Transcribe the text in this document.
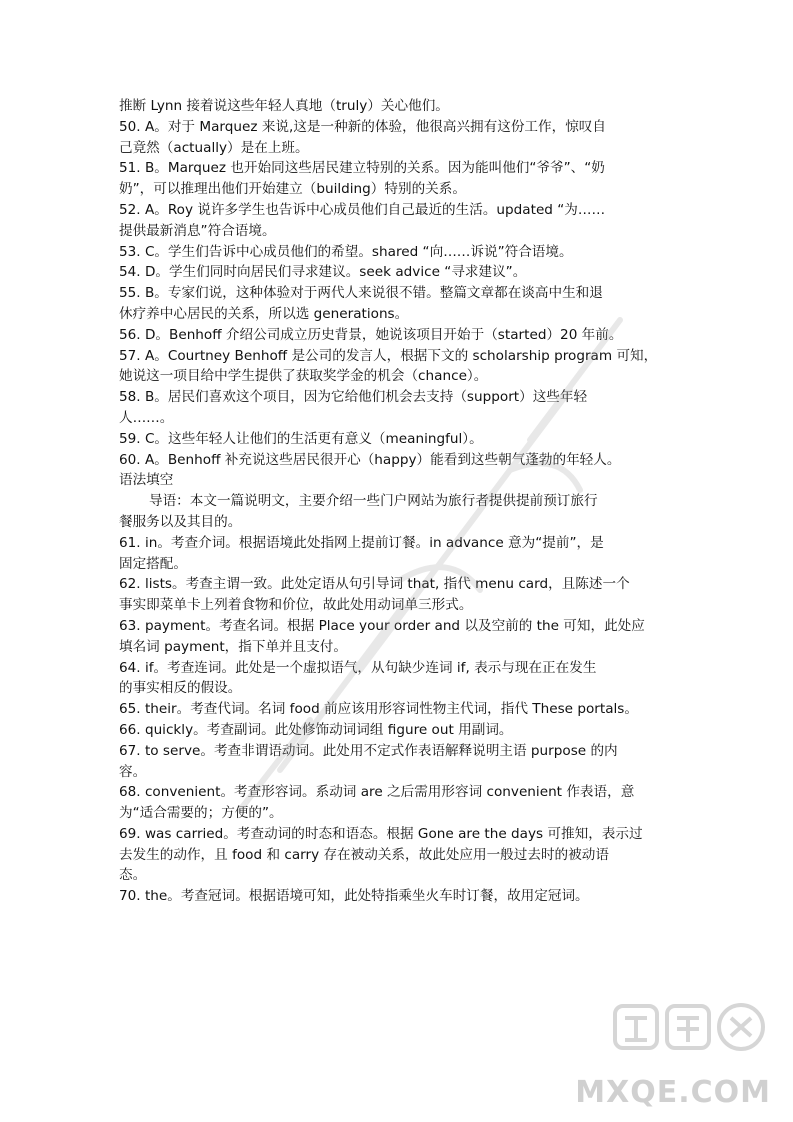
推断 Lynn 接着说这些年轻人真地（truly）关心他们。
50. A。对于 Marquez 来说,这是一种新的体验，他很高兴拥有这份工作，惊叹自
己竟然（actually）是在上班。
51. B。Marquez 也开始同这些居民建立特别的关系。因为能叫他们“爷爷”、“奶
奶”，可以推理出他们开始建立（building）特别的关系。
52. A。Roy 说许多学生也告诉中心成员他们自己最近的生活。updated “为……
提供最新消息”符合语境。
53. C。学生们告诉中心成员他们的希望。shared “向……诉说”符合语境。
54. D。学生们同时向居民们寻求建议。seek advice “寻求建议”。
55. B。专家们说，这种体验对于两代人来说很不错。整篇文章都在谈高中生和退
休疗养中心居民的关系，所以选 generations。
56. D。Benhoff 介绍公司成立历史背景，她说该项目开始于（started）20 年前。
57. A。Courtney Benhoff 是公司的发言人，根据下文的 scholarship program 可知，
她说这一项目给中学生提供了获取奖学金的机会（chance）。
58. B。居民们喜欢这个项目，因为它给他们机会去支持（support）这些年轻
人……。
59. C。这些年轻人让他们的生活更有意义（meaningful）。
60. A。Benhoff 补充说这些居民很开心（happy）能看到这些朝气蓬勃的年轻人。
语法填空
导语：本文一篇说明文，主要介绍一些门户网站为旅行者提供提前预订旅行
餐服务以及其目的。
61. in。考查介词。根据语境此处指网上提前订餐。in advance 意为“提前”，是
固定搭配。
62. lists。考查主谓一致。此处定语从句引导词 that, 指代 menu card，且陈述一个
事实即菜单卡上列着食物和价位，故此处用动词单三形式。
63. payment。考查名词。根据 Place your order and 以及空前的 the 可知，此处应
填名词 payment，指下单并且支付。
64. if。考查连词。此处是一个虚拟语气，从句缺少连词 if, 表示与现在正在发生
的事实相反的假设。
65. their。考查代词。名词 food 前应该用形容词性物主代词，指代 These portals。
66. quickly。考查副词。此处修饰动词词组 figure out 用副词。
67. to serve。考查非谓语动词。此处用不定式作表语解释说明主语 purpose 的内
容。
68. convenient。考查形容词。系动词 are 之后需用形容词 convenient 作表语，意
为“适合需要的；方便的”。
69. was carried。考查动词的时态和语态。根据 Gone are the days 可推知，表示过
去发生的动作，且 food 和 carry 存在被动关系，故此处应用一般过去时的被动语
态。
70. the。考查冠词。根据语境可知，此处特指乘坐火车时订餐，故用定冠词。
MXQE.COM
